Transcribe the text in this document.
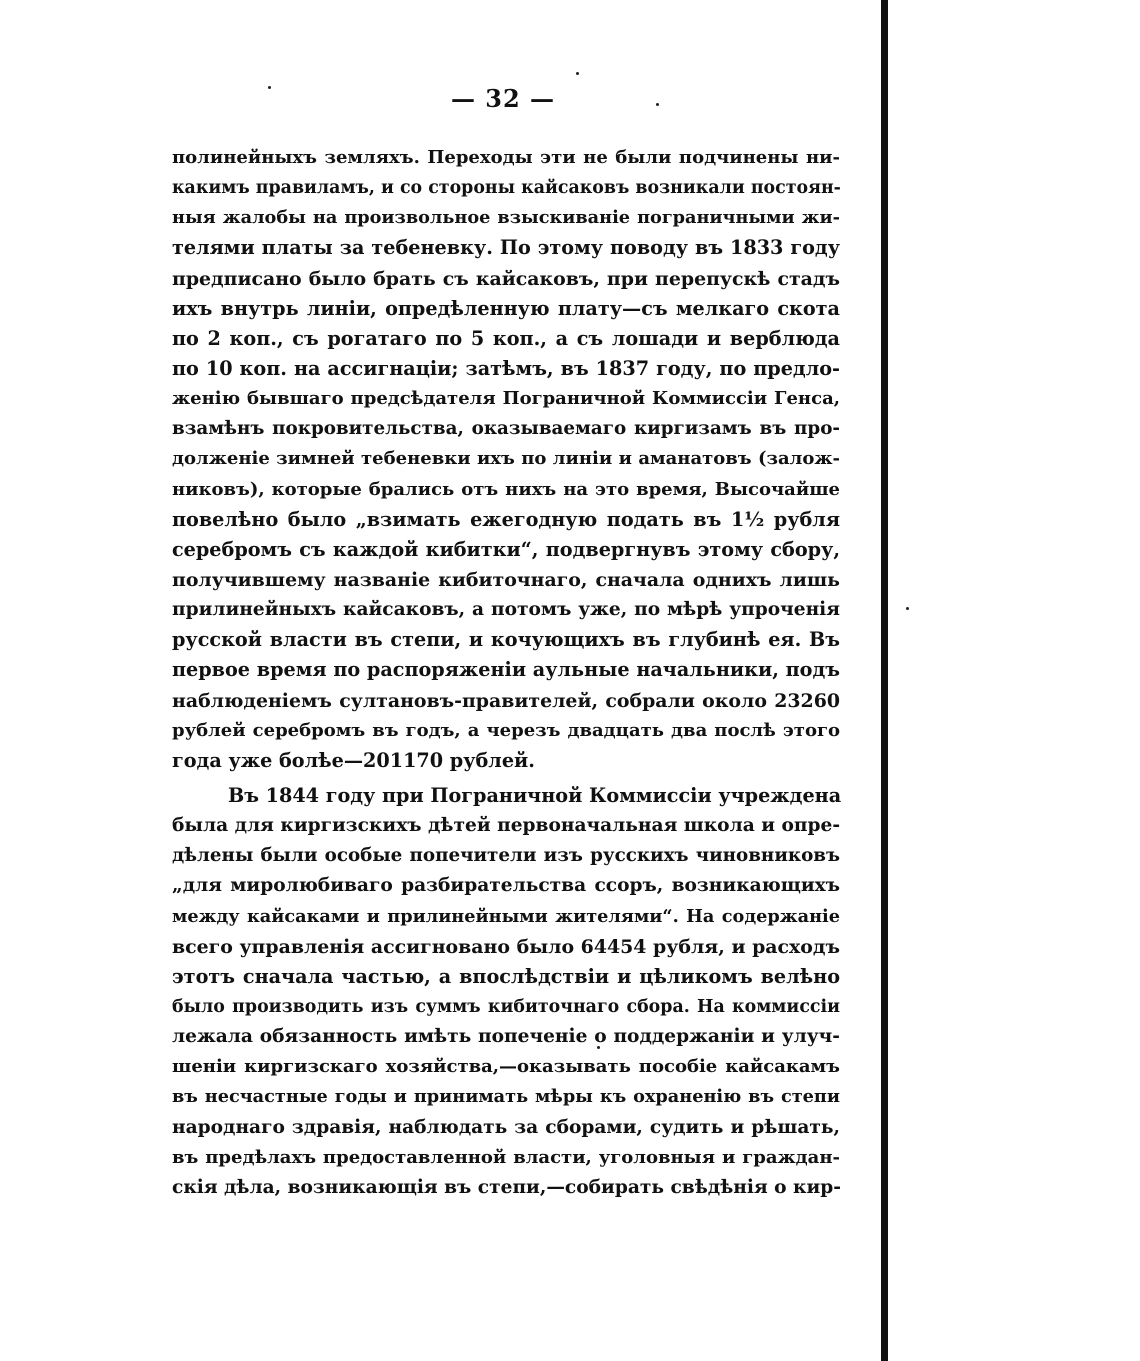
— 32 —
полинейныхъ земляхъ. Переходы эти не были подчинены ни-
какимъ правиламъ, и со стороны кайсаковъ возникали постоян-
ныя жалобы на произвольное взыскиванiе пограничными жи-
телями платы за тебеневку. По этому поводу въ 1833 году
предписано было брать съ кайсаковъ, при перепускѣ стадъ
ихъ внутрь линiи, опредѣленную плату—съ мелкаго скота
по 2 коп., съ рогатаго по 5 коп., а съ лошади и верблюда
по 10 коп. на ассигнацiи; затѣмъ, въ 1837 году, по предло-
женiю бывшаго предсѣдателя Пограничной Коммиссiи Генса,
взамѣнъ покровительства, оказываемаго киргизамъ въ про-
долженiе зимней тебеневки ихъ по линiи и аманатовъ (залож-
никовъ), которые брались отъ нихъ на это время, Высочайше
повелѣно было „взимать ежегодную подать въ 1½ рубля
серебромъ съ каждой кибитки“, подвергнувъ этому сбору,
получившему названiе кибиточнаго, сначала однихъ лишь
прилинейныхъ кайсаковъ, а потомъ уже, по мѣрѣ упроченiя
русской власти въ степи, и кочующихъ въ глубинѣ ея. Въ
первое время по распоряженiи аульные начальники, подъ
наблюденiемъ султановъ-правителей, собрали около 23260
рублей серебромъ въ годъ, а черезъ двадцать два послѣ этого
года уже болѣе—201170 рублей.
Въ 1844 году при Пограничной Коммиссiи учреждена
была для киргизскихъ дѣтей первоначальная школа и опре-
дѣлены были особые попечители изъ русскихъ чиновниковъ
„для миролюбиваго разбирательства ссоръ, возникающихъ
между кайсаками и прилинейными жителями“. На содержанiе
всего управленiя ассигновано было 64454 рубля, и расходъ
этотъ сначала частью, а впослѣдствiи и цѣликомъ велѣно
было производить изъ суммъ кибиточнаго сбора. На коммиссiи
лежала обязанность имѣть попеченiе о поддержанiи и улуч-
шенiи киргизскаго хозяйства,—оказывать пособiе кайсакамъ
въ несчастные годы и принимать мѣры къ охраненiю въ степи
народнаго здравiя, наблюдать за сборами, судить и рѣшать,
въ предѣлахъ предоставленной власти, уголовныя и граждан-
скiя дѣла, возникающiя въ степи,—собирать свѣдѣнiя о кир-
